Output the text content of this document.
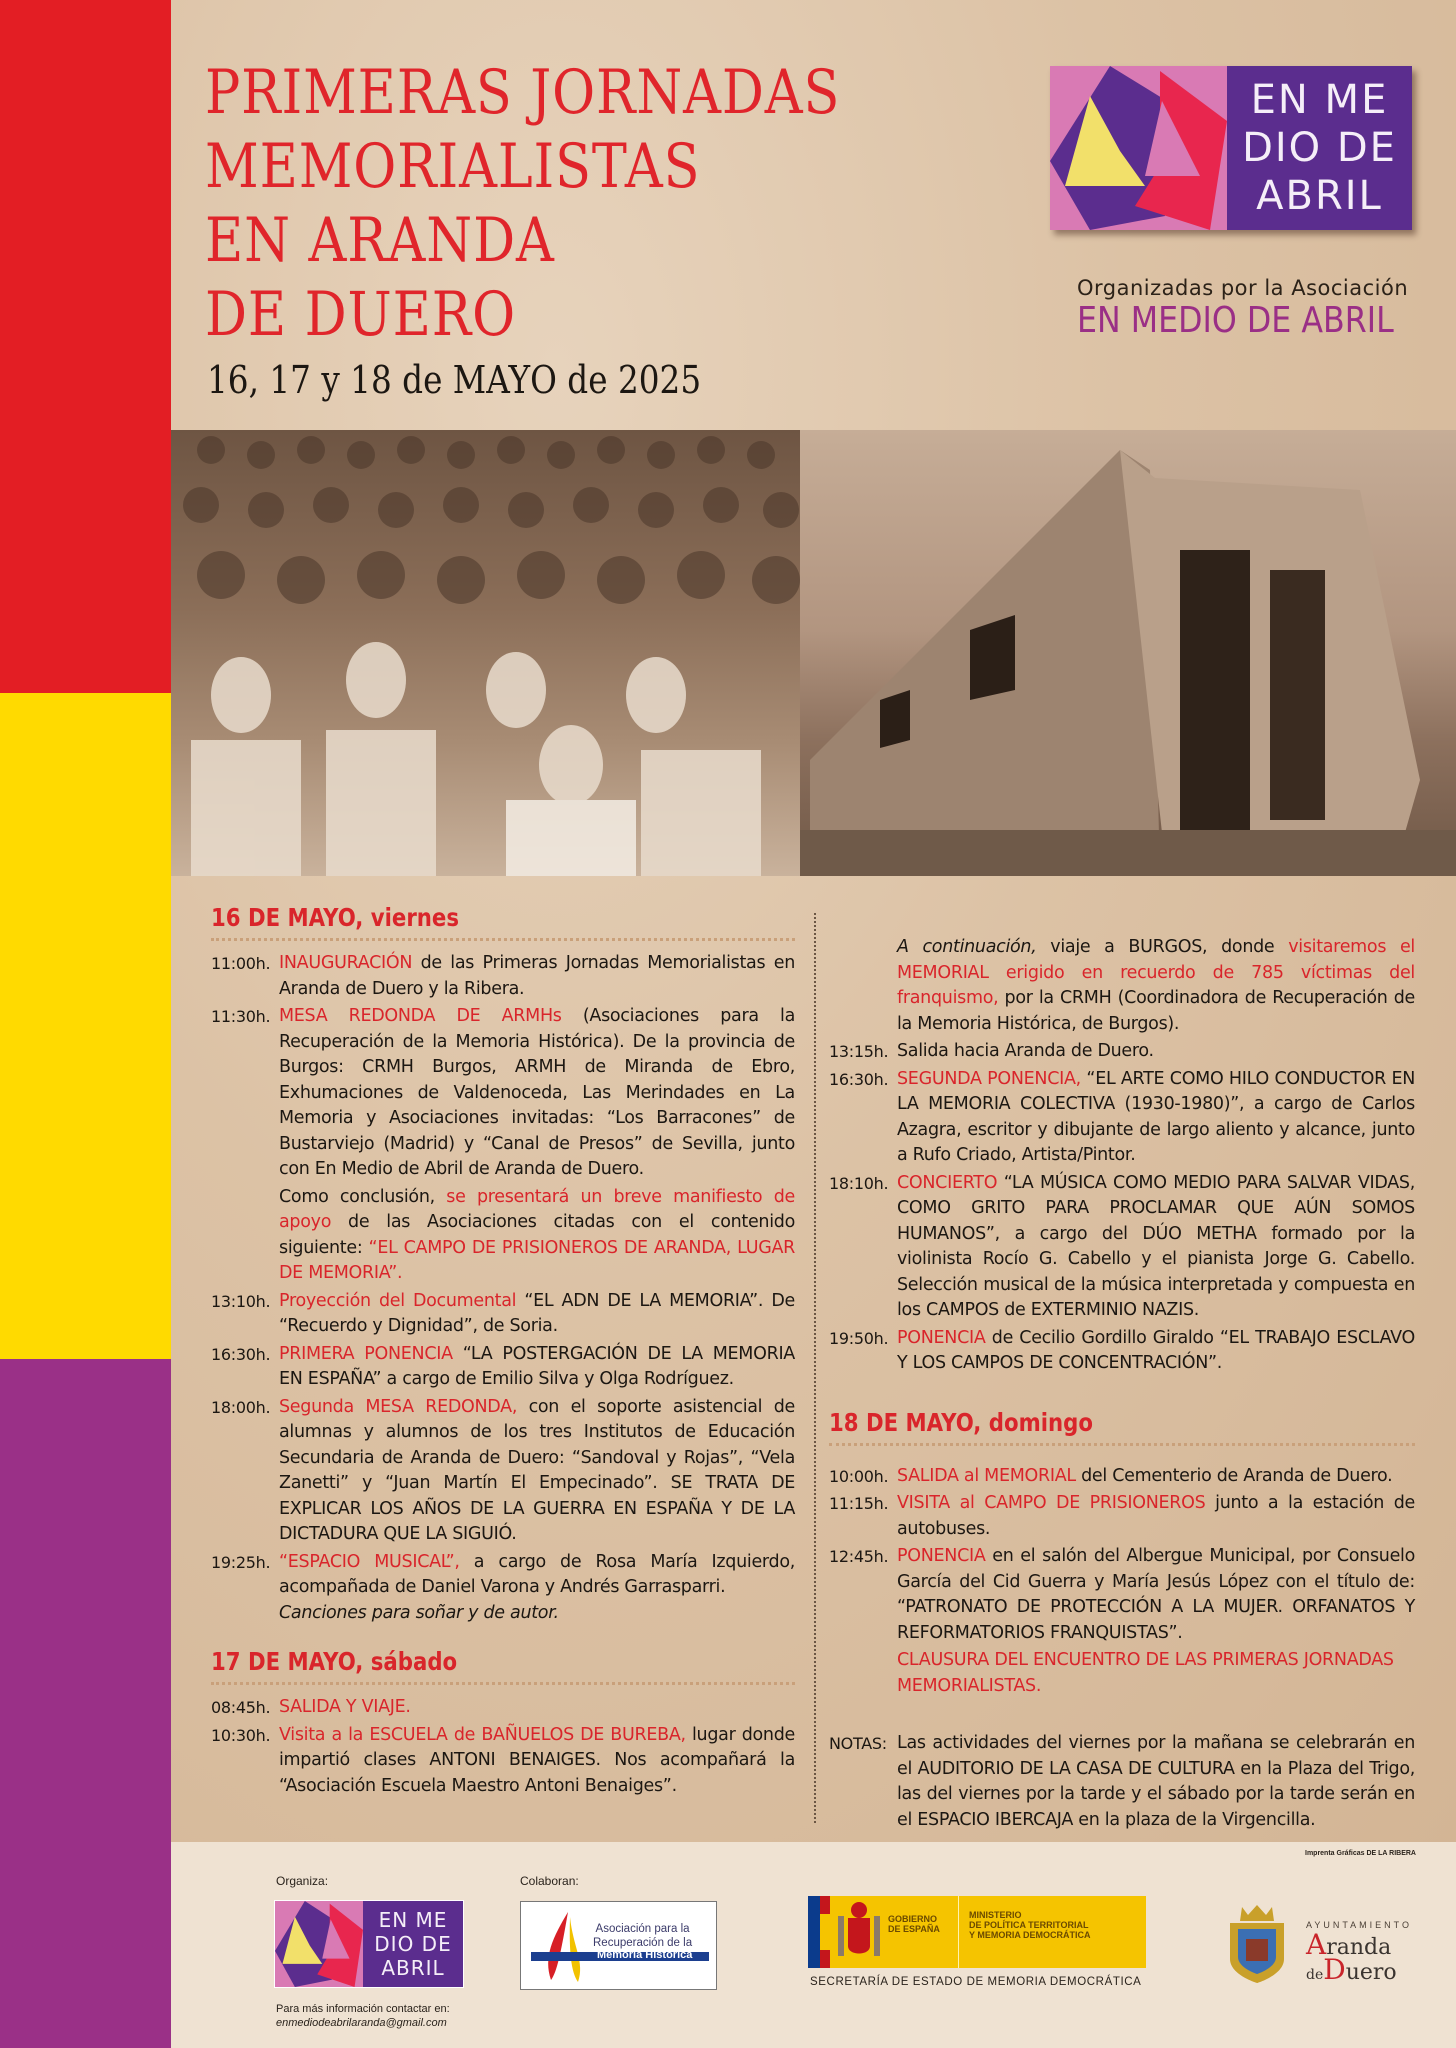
PRIMERAS JORNADAS
MEMORIALISTAS
EN ARANDA
DE DUERO
16, 17 y 18 de MAYO de 2025
EN ME
DIO DE
ABRIL
Organizadas por la Asociación
EN MEDIO DE ABRIL
16 DE MAYO, viernes
11:00h. INAUGURACIÓN de las Primeras Jornadas Memorialistas en Aranda de Duero y la Ribera.
11:30h. MESA REDONDA DE ARMHs (Asociaciones para la Recuperación de la Memoria Histórica). De la provincia de Burgos: CRMH Burgos, ARMH de Miranda de Ebro, Exhumaciones de Valdenoceda, Las Merindades en La Memoria y Asociaciones invitadas: “Los Barracones” de Bustarviejo (Madrid) y “Canal de Presos” de Sevilla, junto con En Medio de Abril de Aranda de Duero.
Como conclusión, se presentará un breve manifiesto de apoyo de las Asociaciones citadas con el contenido siguiente: “EL CAMPO DE PRISIONEROS DE ARANDA, LUGAR DE MEMORIA”.
13:10h. Proyección del Documental “EL ADN DE LA MEMORIA”. De “Recuerdo y Dignidad”, de Soria.
16:30h. PRIMERA PONENCIA “LA POSTERGACIÓN DE LA MEMORIA EN ESPAÑA” a cargo de Emilio Silva y Olga Rodríguez.
18:00h. Segunda MESA REDONDA, con el soporte asistencial de alumnas y alumnos de los tres Institutos de Educación Secundaria de Aranda de Duero: “Sandoval y Rojas”, “Vela Zanetti” y “Juan Martín El Empecinado”. SE TRATA DE EXPLICAR LOS AÑOS DE LA GUERRA EN ESPAÑA Y DE LA DICTADURA QUE LA SIGUIÓ.
19:25h. “ESPACIO MUSICAL”, a cargo de Rosa María Izquierdo, acompañada de Daniel Varona y Andrés Garrasparri.
Canciones para soñar y de autor.
17 DE MAYO, sábado
08:45h. SALIDA Y VIAJE.
10:30h. Visita a la ESCUELA de BAÑUELOS DE BUREBA, lugar donde impartió clases ANTONI BENAIGES. Nos acompañará la “Asociación Escuela Maestro Antoni Benaiges”.
A continuación, viaje a BURGOS, donde visitaremos el MEMORIAL erigido en recuerdo de 785 víctimas del franquismo, por la CRMH (Coordinadora de Recuperación de la Memoria Histórica, de Burgos).
13:15h. Salida hacia Aranda de Duero.
16:30h. SEGUNDA PONENCIA, “EL ARTE COMO HILO CONDUCTOR EN LA MEMORIA COLECTIVA (1930-1980)”, a cargo de Carlos Azagra, escritor y dibujante de largo aliento y alcance, junto a Rufo Criado, Artista/Pintor.
18:10h. CONCIERTO “LA MÚSICA COMO MEDIO PARA SALVAR VIDAS, COMO GRITO PARA PROCLAMAR QUE AÚN SOMOS HUMANOS”, a cargo del DÚO METHA formado por la violinista Rocío G. Cabello y el pianista Jorge G. Cabello. Selección musical de la música interpretada y compuesta en los CAMPOS de EXTERMINIO NAZIS.
19:50h. PONENCIA de Cecilio Gordillo Giraldo “EL TRABAJO ESCLAVO Y LOS CAMPOS DE CONCENTRACIÓN”.
18 DE MAYO, domingo
10:00h. SALIDA al MEMORIAL del Cementerio de Aranda de Duero.
11:15h. VISITA al CAMPO DE PRISIONEROS junto a la estación de autobuses.
12:45h. PONENCIA en el salón del Albergue Municipal, por Consuelo García del Cid Guerra y María Jesús López con el título de: “PATRONATO DE PROTECCIÓN A LA MUJER. ORFANATOS Y REFORMATORIOS FRANQUISTAS”.
CLAUSURA DEL ENCUENTRO DE LAS PRIMERAS JORNADAS MEMORIALISTAS.
NOTAS: Las actividades del viernes por la mañana se celebrarán en el AUDITORIO DE LA CASA DE CULTURA en la Plaza del Trigo, las del viernes por la tarde y el sábado por la tarde serán en el ESPACIO IBERCAJA en la plaza de la Virgencilla.
Imprenta Gráficas DE LA RIBERA
Organiza:	Colaboran:
EN ME
DIO DE
ABRIL
Para más información contactar en:
enmediodeabrilaranda@gmail.com
Memoria Histórica
Asociación para la
Recuperación de la
GOBIERNO
DE ESPAÑA
MINISTERIO
DE POLÍTICA TERRITORIAL
Y MEMORIA DEMOCRÁTICA
SECRETARÍA DE ESTADO DE MEMORIA DEMOCRÁTICA
AYUNTAMIENTO
Aranda
deDuero
